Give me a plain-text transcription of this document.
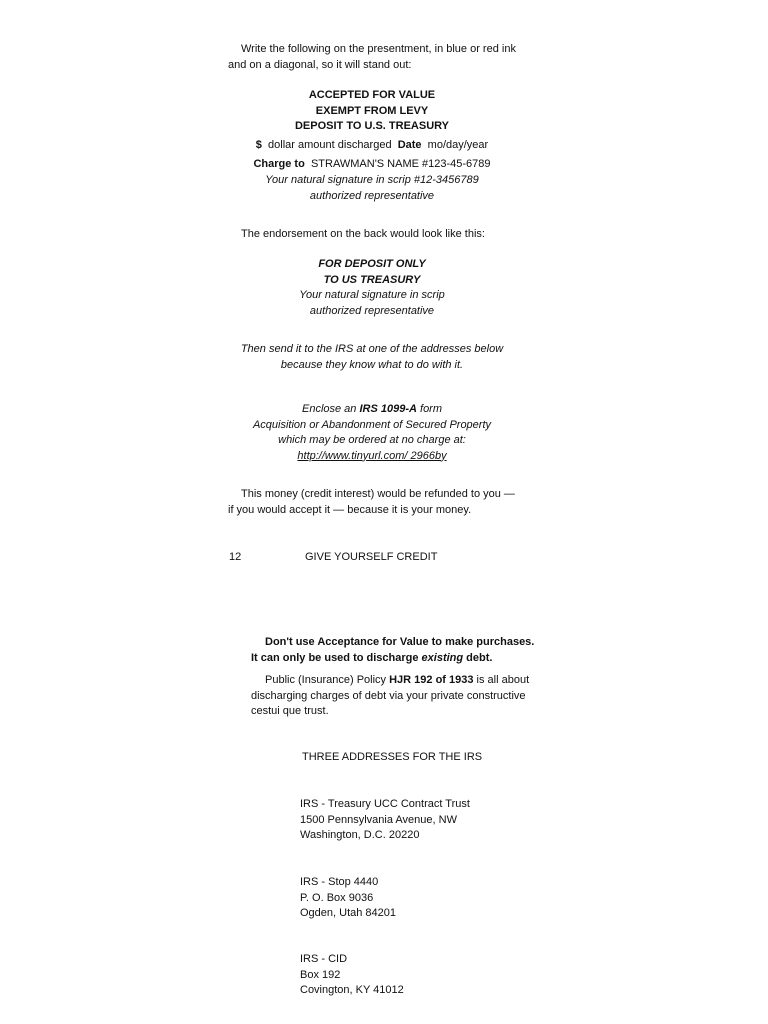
Write the following on the presentment, in blue or red ink
and on a diagonal, so it will stand out:
ACCEPTED FOR VALUE
EXEMPT FROM LEVY
DEPOSIT TO U.S. TREASURY
$ dollar amount discharged Date mo/day/year
Charge to STRAWMAN'S NAME #123-45-6789
Your natural signature in scrip #12-3456789
authorized representative
The endorsement on the back would look like this:
FOR DEPOSIT ONLY
TO US TREASURY
Your natural signature in scrip
authorized representative
Then send it to the IRS at one of the addresses below
because they know what to do with it.
Enclose an IRS 1099-A form
Acquisition or Abandonment of Secured Property
which may be ordered at no charge at:
http://www.tinyurl.com/ 2966by
This money (credit interest) would be refunded to you —
if you would accept it — because it is your money.
12	GIVE YOURSELF CREDIT
Don't use Acceptance for Value to make purchases.
It can only be used to discharge existing debt.
Public (Insurance) Policy HJR 192 of 1933 is all about
discharging charges of debt via your private constructive
cestui que trust.
THREE ADDRESSES FOR THE IRS
IRS - Treasury UCC Contract Trust
1500 Pennsylvania Avenue, NW
Washington, D.C. 20220
IRS - Stop 4440
P. O. Box 9036
Ogden, Utah 84201
IRS - CID
Box 192
Covington, KY 41012
